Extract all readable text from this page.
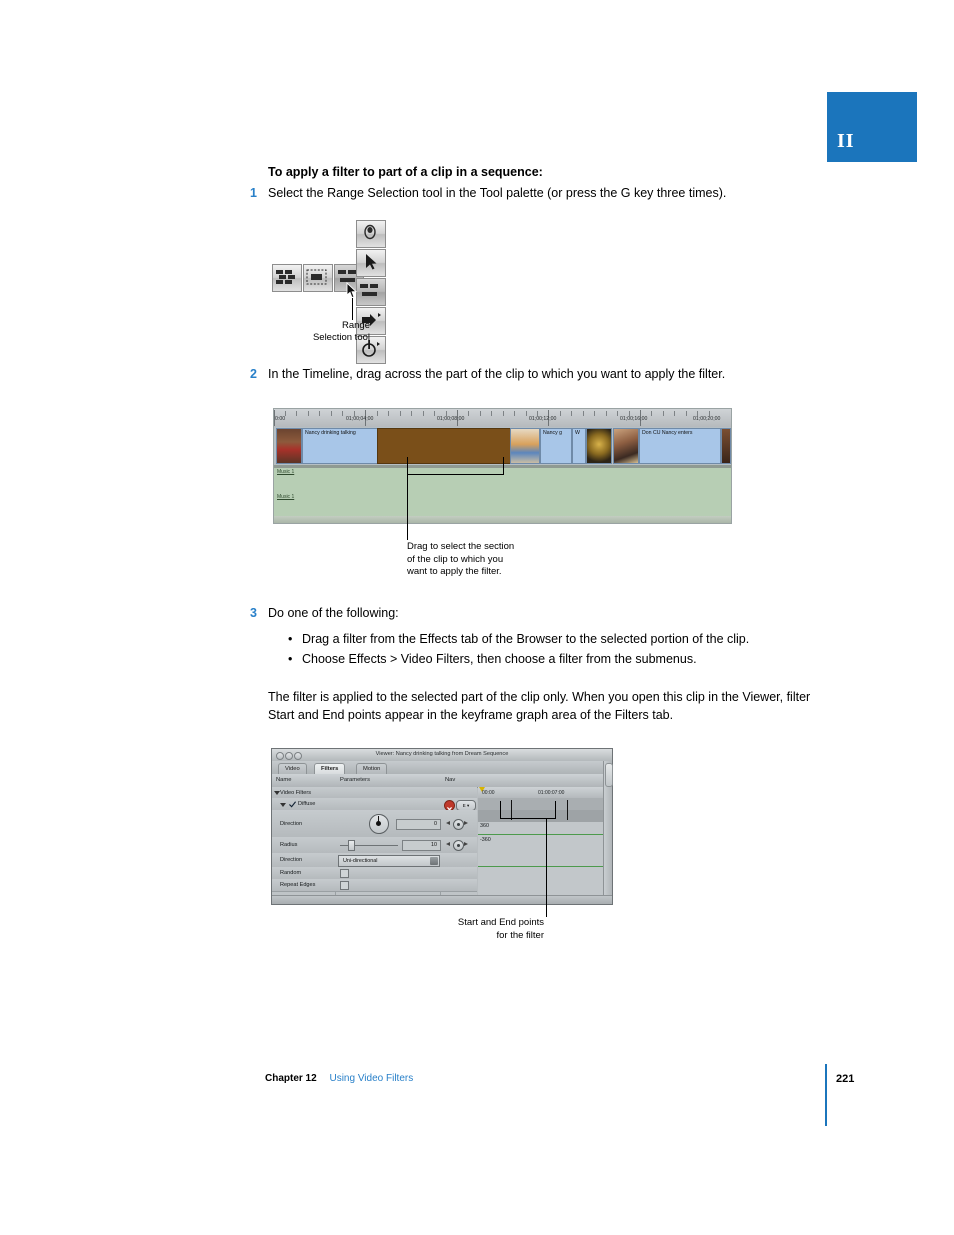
II
To apply a filter to part of a clip in a sequence:
1 Select the Range Selection tool in the Tool palette (or press the G key three times).
Range
Selection tool
2 In the Timeline, drag across the part of the clip to which you want to apply the filter.
0:00	01;00;04;00	01;00;08;00	01;00;12;00	01;00;16;00	01;00;20;00
Nancy drinking talking	Nancy g W	Don CU Nancy enters
Music 1
Music 1
Drag to select the section
of the clip to which you
want to apply the filter.
3 Do one of the following:
• Drag a filter from the Effects tab of the Browser to the selected portion of the clip.
• Choose Effects > Video Filters, then choose a filter from the submenus.
The filter is applied to the selected part of the clip only. When you open this clip in the Viewer, filter Start and End points appear in the keyframe graph area of the Filters tab.
Viewer: Nancy drinking talking from Dream Sequence
Video	Filters	Motion
Name	Parameters	Nav
Video Filters
Diffuse	E ▾
Direction	0
Radius	10
Direction	Uni-directional
Random
Repeat Edges
00:00	01:00:07:00
360
-360
Start and End points
for the filter
Chapter 12 Using Video Filters	221
